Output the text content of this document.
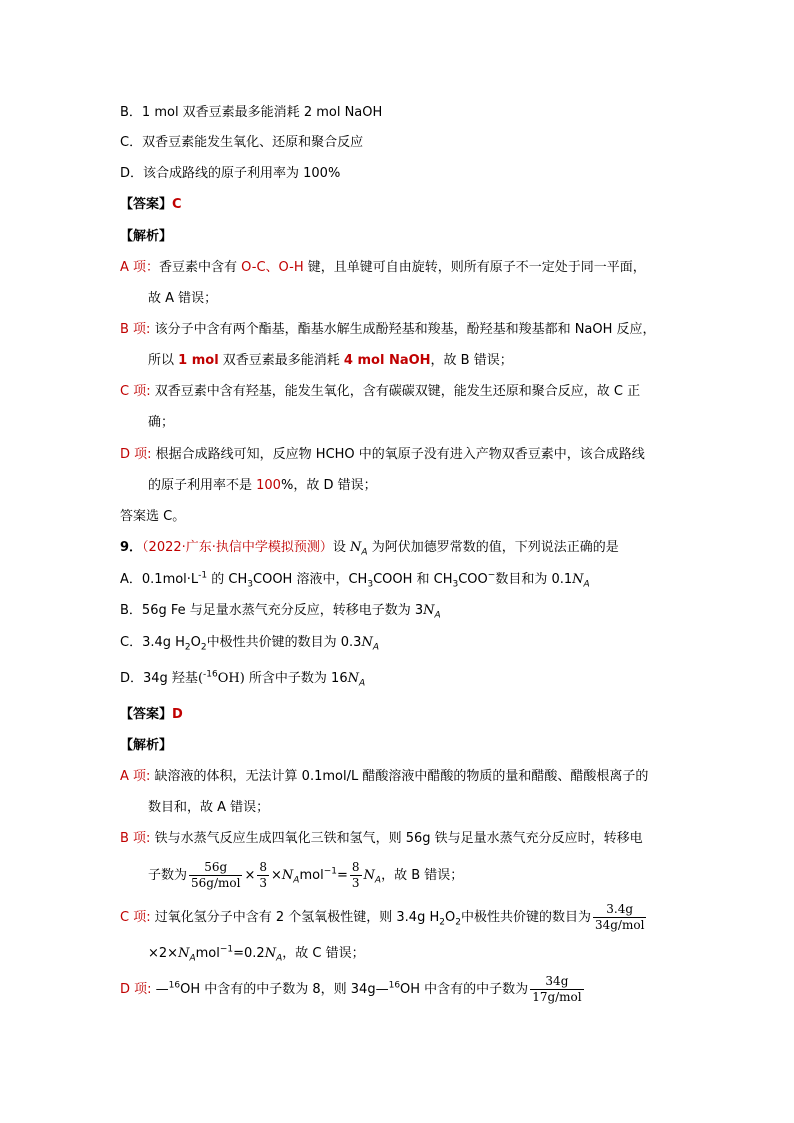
B．1 mol 双香豆素最多能消耗 2 mol NaOH
C．双香豆素能发生氧化、还原和聚合反应
D．该合成路线的原子利用率为 100%
【答案】C
【解析】
A 项：香豆素中含有 O-C、O-H 键，且单键可自由旋转，则所有原子不一定处于同一平面，
故 A 错误；
B 项: 该分子中含有两个酯基，酯基水解生成酚羟基和羧基，酚羟基和羧基都和 NaOH 反应，
所以 1 mol 双香豆素最多能消耗 4 mol NaOH，故 B 错误；
C 项: 双香豆素中含有羟基，能发生氧化，含有碳碳双键，能发生还原和聚合反应，故 C 正
确；
D 项: 根据合成路线可知，反应物 HCHO 中的氧原子没有进入产物双香豆素中，该合成路线
的原子利用率不是 100%，故 D 错误；
答案选 C。
9．（2022·广东·执信中学模拟预测）设 $N_A$ 为阿伏加德罗常数的值，下列说法正确的是
A．$0.1mol\cdot L^{-1}$ 的 $CH_3COOH$ 溶液中，$CH_3COOH$ 和 $CH_3COO^-$数目和为 $0.1N_A$
B．56g Fe 与足量水蒸气充分反应，转移电子数为 $3N_A$
C．3.4g $H_2O_2$中极性共价键的数目为 $0.3N_A$
D．34g 羟基($^{-16}$OH) 所含中子数为 $16N_A$
【答案】D
【解析】
A 项: 缺溶液的体积，无法计算 0.1mol/L 醋酸溶液中醋酸的物质的量和醋酸、醋酸根离子的
数目和，故 A 错误；
B 项: 铁与水蒸气反应生成四氧化三铁和氢气，则 56g 铁与足量水蒸气充分反应时，转移电
子数为 $\frac{56g}{\text{56g/mol}} \times \frac{8}{3} \times N_Amol^{-1}= \frac{8}{3} N_A$，故 B 错误；
C 项: 过氧化氢分子中含有 2 个氢氧极性键，则 3.4g $H_2O_2$中极性共价键的数目为 $\frac{3.4g}{\text{34g/mol}}$
$\times 2\times N_Amol^{-1}=0.2N_A$，故 C 错误；
D 项: —$^{16}$OH 中含有的中子数为 8，则 34g—$^{16}$OH 中含有的中子数为 $\frac{34g}{\text{17g/mol}}$
